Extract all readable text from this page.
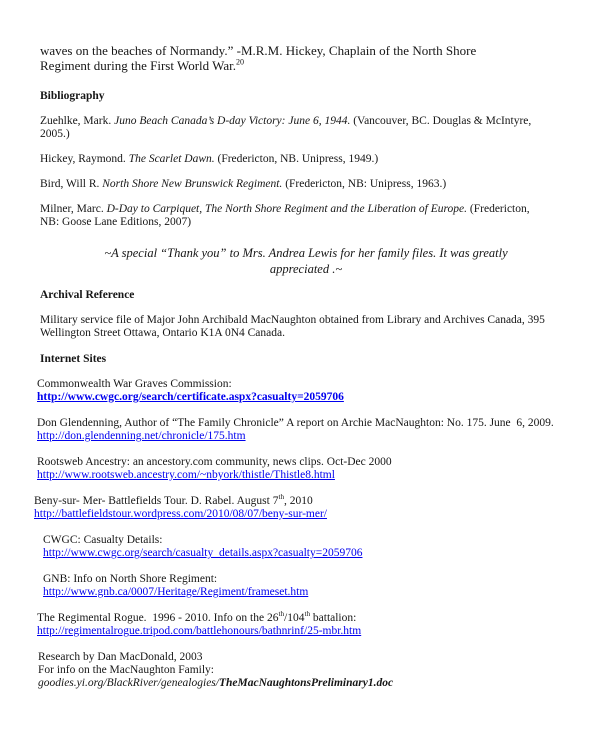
waves on the beaches of Normandy.” -M.R.M. Hickey, Chaplain of the North Shore
Regiment during the First World War.$^{20}$

Bibliography

Zuehlke, Mark. Juno Beach Canada’s D-day Victory: June 6, 1944. (Vancouver, BC. Douglas & McIntyre,
2005.)

Hickey, Raymond. The Scarlet Dawn. (Fredericton, NB. Unipress, 1949.)

Bird, Will R. North Shore New Brunswick Regiment. (Fredericton, NB: Unipress, 1963.)

Milner, Marc. D-Day to Carpiquet, The North Shore Regiment and the Liberation of Europe. (Fredericton,
NB: Goose Lane Editions, 2007)

~A special “Thank you” to Mrs. Andrea Lewis for her family files. It was greatly
appreciated .~

Archival Reference

Military service file of Major John Archibald MacNaughton obtained from Library and Archives Canada, 395 Wellington Street Ottawa, Ontario K1A 0N4 Canada.

Internet Sites

Commonwealth War Graves Commission:

http://www.cwgc.org/search/certificate.aspx?casualty=2059706

Don Glendenning, Author of “The Family Chronicle” A report on Archie MacNaughton: No. 175. June  6, 2009.

http://don.glendenning.net/chronicle/175.htm

Rootsweb Ancestry: an ancestory.com community, news clips. Oct-Dec 2000

http://www.rootsweb.ancestry.com/~nbyork/thistle/Thistle8.html

Beny-sur- Mer- Battlefields Tour. D. Rabel. August 7th, 2010

http://battlefieldstour.wordpress.com/2010/08/07/beny-sur-mer/

CWGC: Casualty Details:

http://www.cwgc.org/search/casualty_details.aspx?casualty=2059706

GNB: Info on North Shore Regiment:

http://www.gnb.ca/0007/Heritage/Regiment/frameset.htm

The Regimental Rogue.  1996 - 2010. Info on the 26th/104th battalion:

http://regimentalrogue.tripod.com/battlehonours/bathnrinf/25-mbr.htm

Research by Dan MacDonald, 2003

For info on the MacNaughton Family:

goodies.yi.org/BlackRiver/genealogies/TheMacNaughtonsPreliminary1.doc
